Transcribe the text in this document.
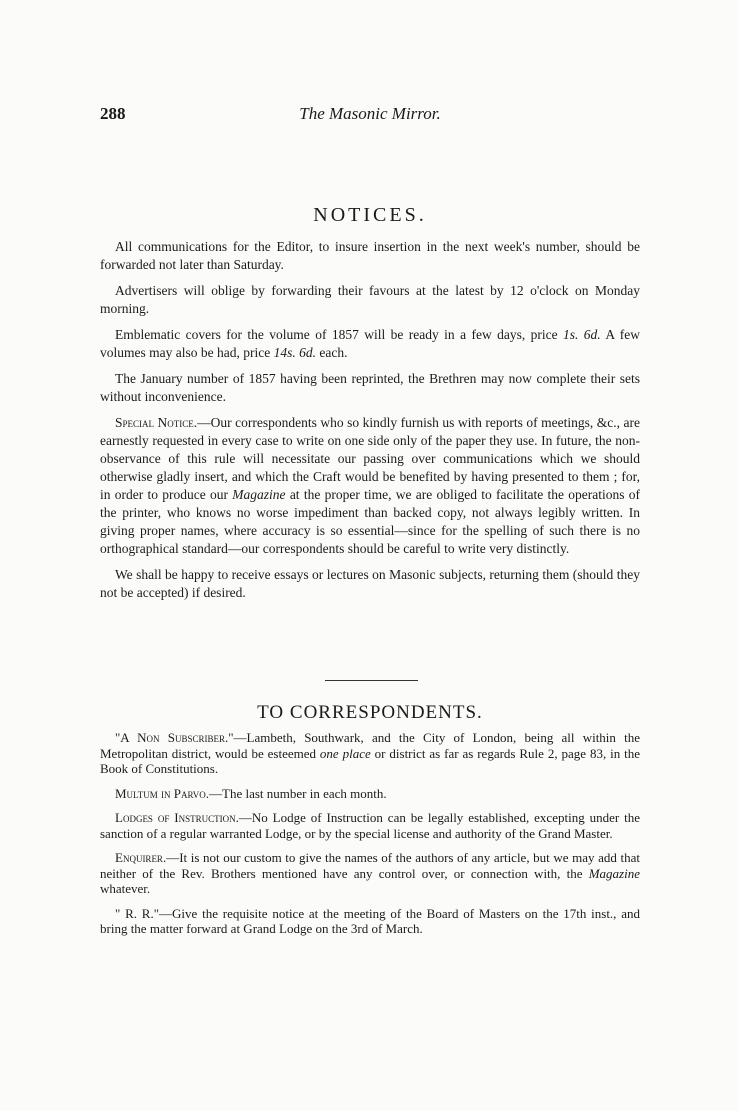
288	The Masonic Mirror.
NOTICES.

All communications for the Editor, to insure insertion in the next week's number, should be forwarded not later than Saturday.

Advertisers will oblige by forwarding their favours at the latest by 12 o'clock on Monday morning.

Emblematic covers for the volume of 1857 will be ready in a few days, price 1s. 6d. A few volumes may also be had, price 14s. 6d. each.

The January number of 1857 having been reprinted, the Brethren may now complete their sets without inconvenience.

Special Notice.—Our correspondents who so kindly furnish us with reports of meetings, &c., are earnestly requested in every case to write on one side only of the paper they use. In future, the non-observance of this rule will necessitate our passing over communications which we should otherwise gladly insert, and which the Craft would be benefited by having presented to them ; for, in order to produce our Magazine at the proper time, we are obliged to facilitate the operations of the printer, who knows no worse impediment than backed copy, not always legibly written. In giving proper names, where accuracy is so essential—since for the spelling of such there is no orthographical standard—our correspondents should be careful to write very distinctly.

We shall be happy to receive essays or lectures on Masonic subjects, returning them (should they not be accepted) if desired.

TO CORRESPONDENTS.

"A Non Subscriber."—Lambeth, Southwark, and the City of London, being all within the Metropolitan district, would be esteemed one place or district as far as regards Rule 2, page 83, in the Book of Constitutions.

Multum in Parvo.—The last number in each month.

Lodges of Instruction.—No Lodge of Instruction can be legally established, excepting under the sanction of a regular warranted Lodge, or by the special license and authority of the Grand Master.

Enquirer.—It is not our custom to give the names of the authors of any article, but we may add that neither of the Rev. Brothers mentioned have any control over, or connection with, the Magazine whatever.

" R. R."—Give the requisite notice at the meeting of the Board of Masters on the 17th inst., and bring the matter forward at Grand Lodge on the 3rd of March.
